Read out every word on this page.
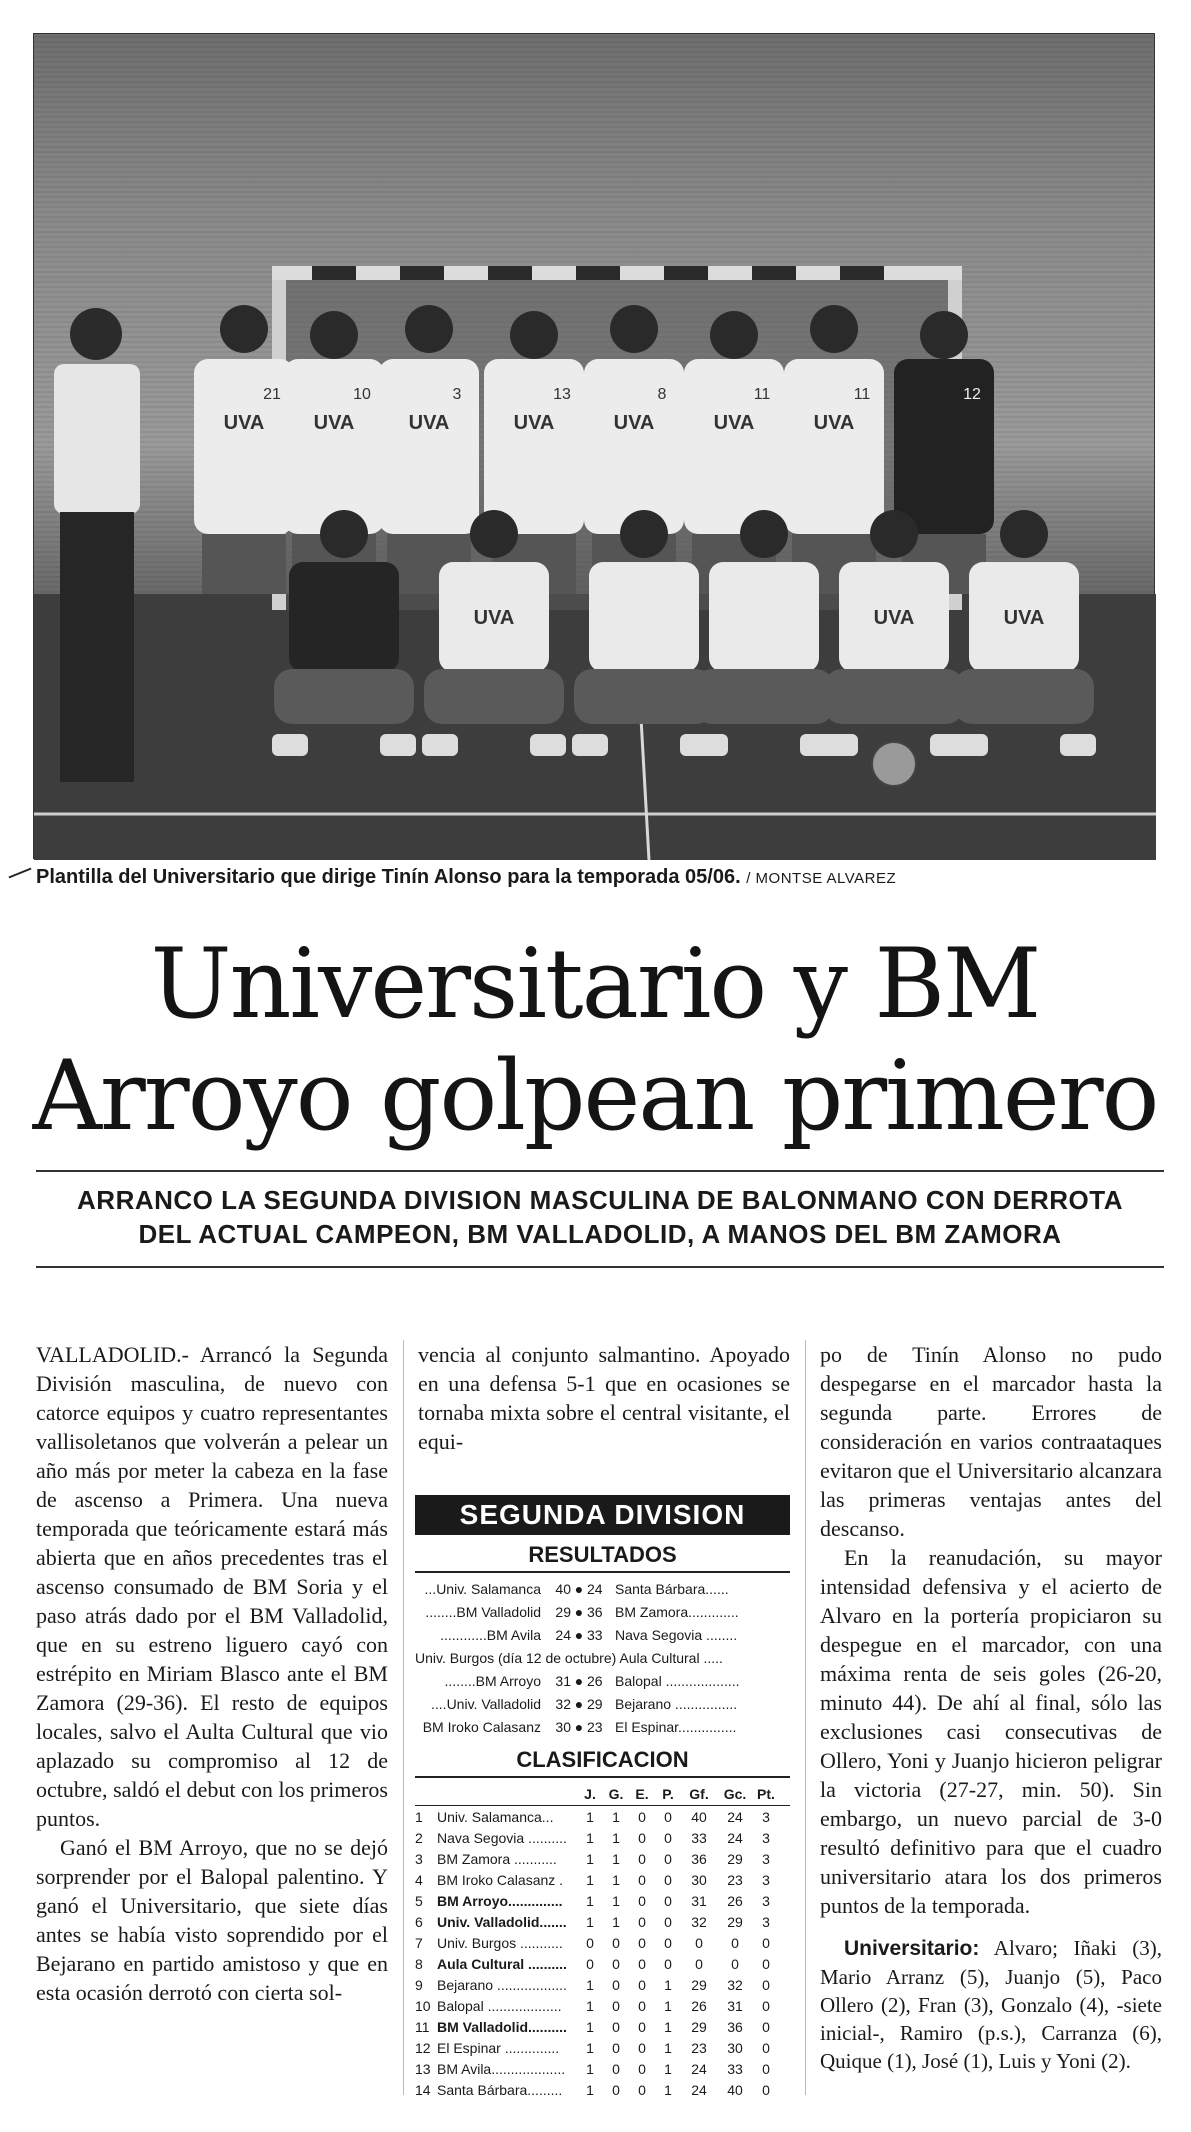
UVA
21
UVA
10
UVA
3
UVA
13
UVA
8
UVA
11
UVA
11	12
UVA	UVA	UVA
Plantilla del Universitario que dirige Tinín Alonso para la temporada 05/06. / MONTSE ALVAREZ
Universitario y BM
Arroyo golpean primero
ARRANCO LA SEGUNDA DIVISION MASCULINA DE BALONMANO CON DERROTA
DEL ACTUAL CAMPEON, BM VALLADOLID, A MANOS DEL BM ZAMORA

VALLADOLID.- Arrancó la Segunda División masculina, de nuevo con catorce equipos y cuatro representantes vallisoletanos que volverán a pelear un año más por meter la cabeza en la fase de ascenso a Primera. Una nueva temporada que teóricamente estará más abierta que en años precedentes tras el ascenso consumado de BM Soria y el paso atrás dado por el BM Valladolid, que en su estreno liguero cayó con estrépito en Miriam Blasco ante el BM Zamora (29-36). El resto de equipos locales, salvo el Aulta Cultural que vio aplazado su compromiso al 12 de octubre, saldó el debut con los primeros puntos.

Ganó el BM Arroyo, que no se dejó sorprender por el Balopal palentino. Y ganó el Universitario, que siete días antes se había visto soprendido por el Bejarano en partido amistoso y que en esta ocasión derrotó con cierta sol-

vencia al conjunto salmantino. Apoyado en una defensa 5-1 que en ocasiones se tornaba mixta sobre el central visitante, el equi-

SEGUNDA DIVISION
RESULTADOS
...Univ. Salamanca	40 ● 24 Santa Bárbara......
........BM Valladolid	29 ● 36 BM Zamora.............
............BM Avila	24 ● 33 Nava Segovia ........
Univ. Burgos (día 12 de octubre) Aula Cultural .....
........BM Arroyo	31 ● 26 Balopal ...................
....Univ. Valladolid	32 ● 29 Bejarano ................
BM Iroko Calasanz	30 ● 23 El Espinar...............
CLASIFICACION
J. G. E. P.	Gf.	Gc. Pt.
1	Univ. Salamanca...	1	1	0	0	40	24	3
2	Nava Segovia ..........	1	1	0	0	33	24	3
3	BM Zamora ...........	1	1	0	0	36	29	3
4	BM Iroko Calasanz .	1	1	0	0	30	23	3
5	BM Arroyo..............	1	1	0	0	31	26	3
6	Univ. Valladolid.......	1	1	0	0	32	29	3
7	Univ. Burgos ...........	0	0	0	0	0	0	0
8	Aula Cultural ..........	0	0	0	0	0	0	0
9	Bejarano ..................	1	0	0	1	29	32	0
10 Balopal ...................	1	0	0	1	26	31	0
11 BM Valladolid..........	1	0	0	1	29	36	0
12 El Espinar ..............	1	0	0	1	23	30	0
13 BM Avila...................	1	0	0	1	24	33	0
14 Santa Bárbara.........	1	0	0	1	24	40	0

po de Tinín Alonso no pudo despegarse en el marcador hasta la segunda parte. Errores de consideración en varios contraataques evitaron que el Universitario alcanzara las primeras ventajas antes del descanso.

En la reanudación, su mayor intensidad defensiva y el acierto de Alvaro en la portería propiciaron su despegue en el marcador, con una máxima renta de seis goles (26-20, minuto 44). De ahí al final, sólo las exclusiones casi consecutivas de Ollero, Yoni y Juanjo hicieron peligrar la victoria (27-27, min. 50). Sin embargo, un nuevo parcial de 3-0 resultó definitivo para que el cuadro universitario atara los dos primeros puntos de la temporada.

Universitario: Alvaro; Iñaki (3), Mario Arranz (5), Juanjo (5), Paco Ollero (2), Fran (3), Gonzalo (4), -siete inicial-, Ramiro (p.s.), Carranza (6), Quique (1), José (1), Luis y Yoni (2).
